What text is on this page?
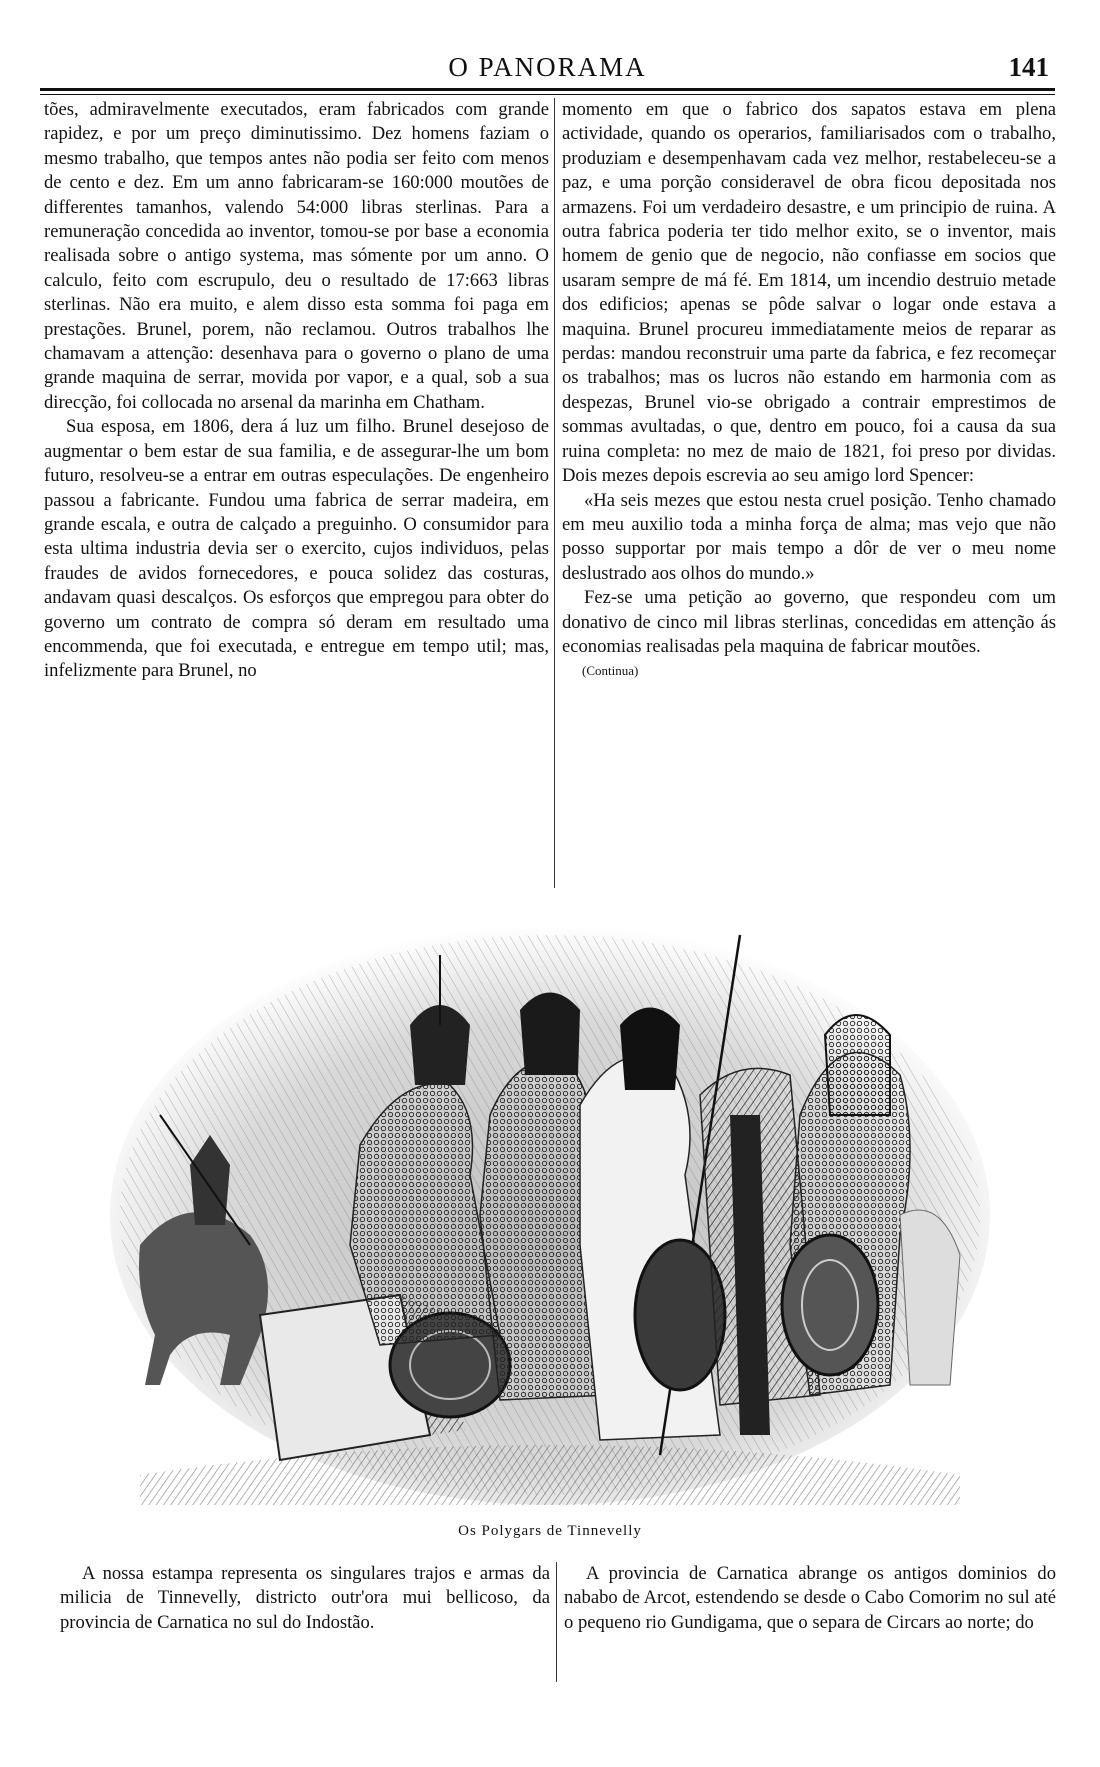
O PANORAMA	141

tões, admiravelmente executados, eram fabricados com grande rapidez, e por um preço diminutissimo. Dez homens faziam o mesmo trabalho, que tempos antes não podia ser feito com menos de cento e dez. Em um anno fabricaram-se 160:000 moutões de differentes tamanhos, valendo 54:000 libras sterlinas. Para a remuneração concedida ao inventor, tomou-se por base a economia realisada sobre o antigo systema, mas sómente por um anno. O calculo, feito com escrupulo, deu o resultado de 17:663 libras sterlinas. Não era muito, e alem disso esta somma foi paga em prestações. Brunel, porem, não reclamou. Outros trabalhos lhe chamavam a attenção: desenhava para o governo o plano de uma grande maquina de serrar, movida por vapor, e a qual, sob a sua direcção, foi collocada no arsenal da marinha em Chatham.

Sua esposa, em 1806, dera á luz um filho. Brunel desejoso de augmentar o bem estar de sua familia, e de assegurar-lhe um bom futuro, resolveu-se a entrar em outras especulações. De engenheiro passou a fabricante. Fundou uma fabrica de serrar madeira, em grande escala, e outra de calçado a preguinho. O consumidor para esta ultima industria devia ser o exercito, cujos individuos, pelas fraudes de avidos fornecedores, e pouca solidez das costuras, andavam quasi descalços. Os esforços que empregou para obter do governo um contrato de compra só deram em resultado uma encommenda, que foi executada, e entregue em tempo util; mas, infelizmente para Brunel, no

momento em que o fabrico dos sapatos estava em plena actividade, quando os operarios, familiarisados com o trabalho, produziam e desempenhavam cada vez melhor, restabeleceu-se a paz, e uma porção consideravel de obra ficou depositada nos armazens. Foi um verdadeiro desastre, e um principio de ruina. A outra fabrica poderia ter tido melhor exito, se o inventor, mais homem de genio que de negocio, não confiasse em socios que usaram sempre de má fé. Em 1814, um incendio destruio metade dos edificios; apenas se pôde salvar o logar onde estava a maquina. Brunel procureu immediatamente meios de reparar as perdas: mandou reconstruir uma parte da fabrica, e fez recomeçar os trabalhos; mas os lucros não estando em harmonia com as despezas, Brunel vio-se obrigado a contrair emprestimos de sommas avultadas, o que, dentro em pouco, foi a causa da sua ruina completa: no mez de maio de 1821, foi preso por dividas. Dois mezes depois escrevia ao seu amigo lord Spencer:

«Ha seis mezes que estou nesta cruel posição. Tenho chamado em meu auxilio toda a minha força de alma; mas vejo que não posso supportar por mais tempo a dôr de ver o meu nome deslustrado aos olhos do mundo.»

Fez-se uma petição ao governo, que respondeu com um donativo de cinco mil libras sterlinas, concedidas em attenção ás economias realisadas pela maquina de fabricar moutões.

(Continua)

Os Polygars de Tinnevelly

A nossa estampa representa os singulares trajos e armas da milicia de Tinnevelly, districto outr'ora mui bellicoso, da provincia de Carnatica no sul do Indostão.

A provincia de Carnatica abrange os antigos dominios do nababo de Arcot, estendendo se desde o Cabo Comorim no sul até o pequeno rio Gundigama, que o separa de Circars ao norte; do
